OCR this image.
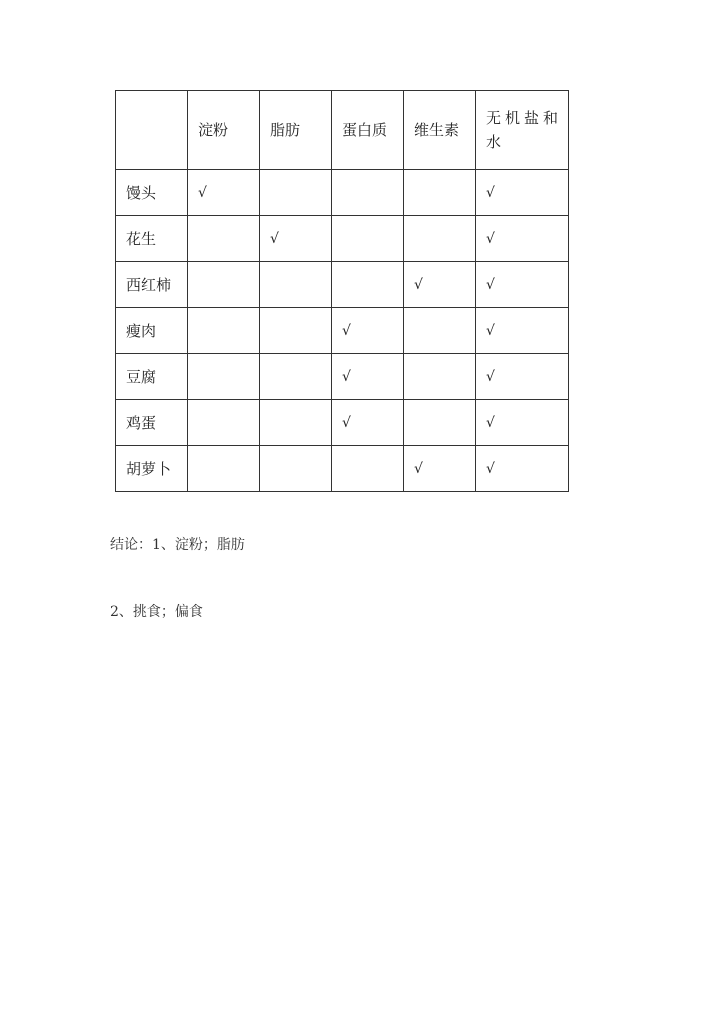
	淀粉	脂肪	蛋白质	维生素	无机盐和水
馒头	√				√
花生		√			√
西红柿				√	√
瘦肉			√		√
豆腐			√		√
鸡蛋			√		√
胡萝卜				√	√

结论：1、淀粉；脂肪

2、挑食；偏食
